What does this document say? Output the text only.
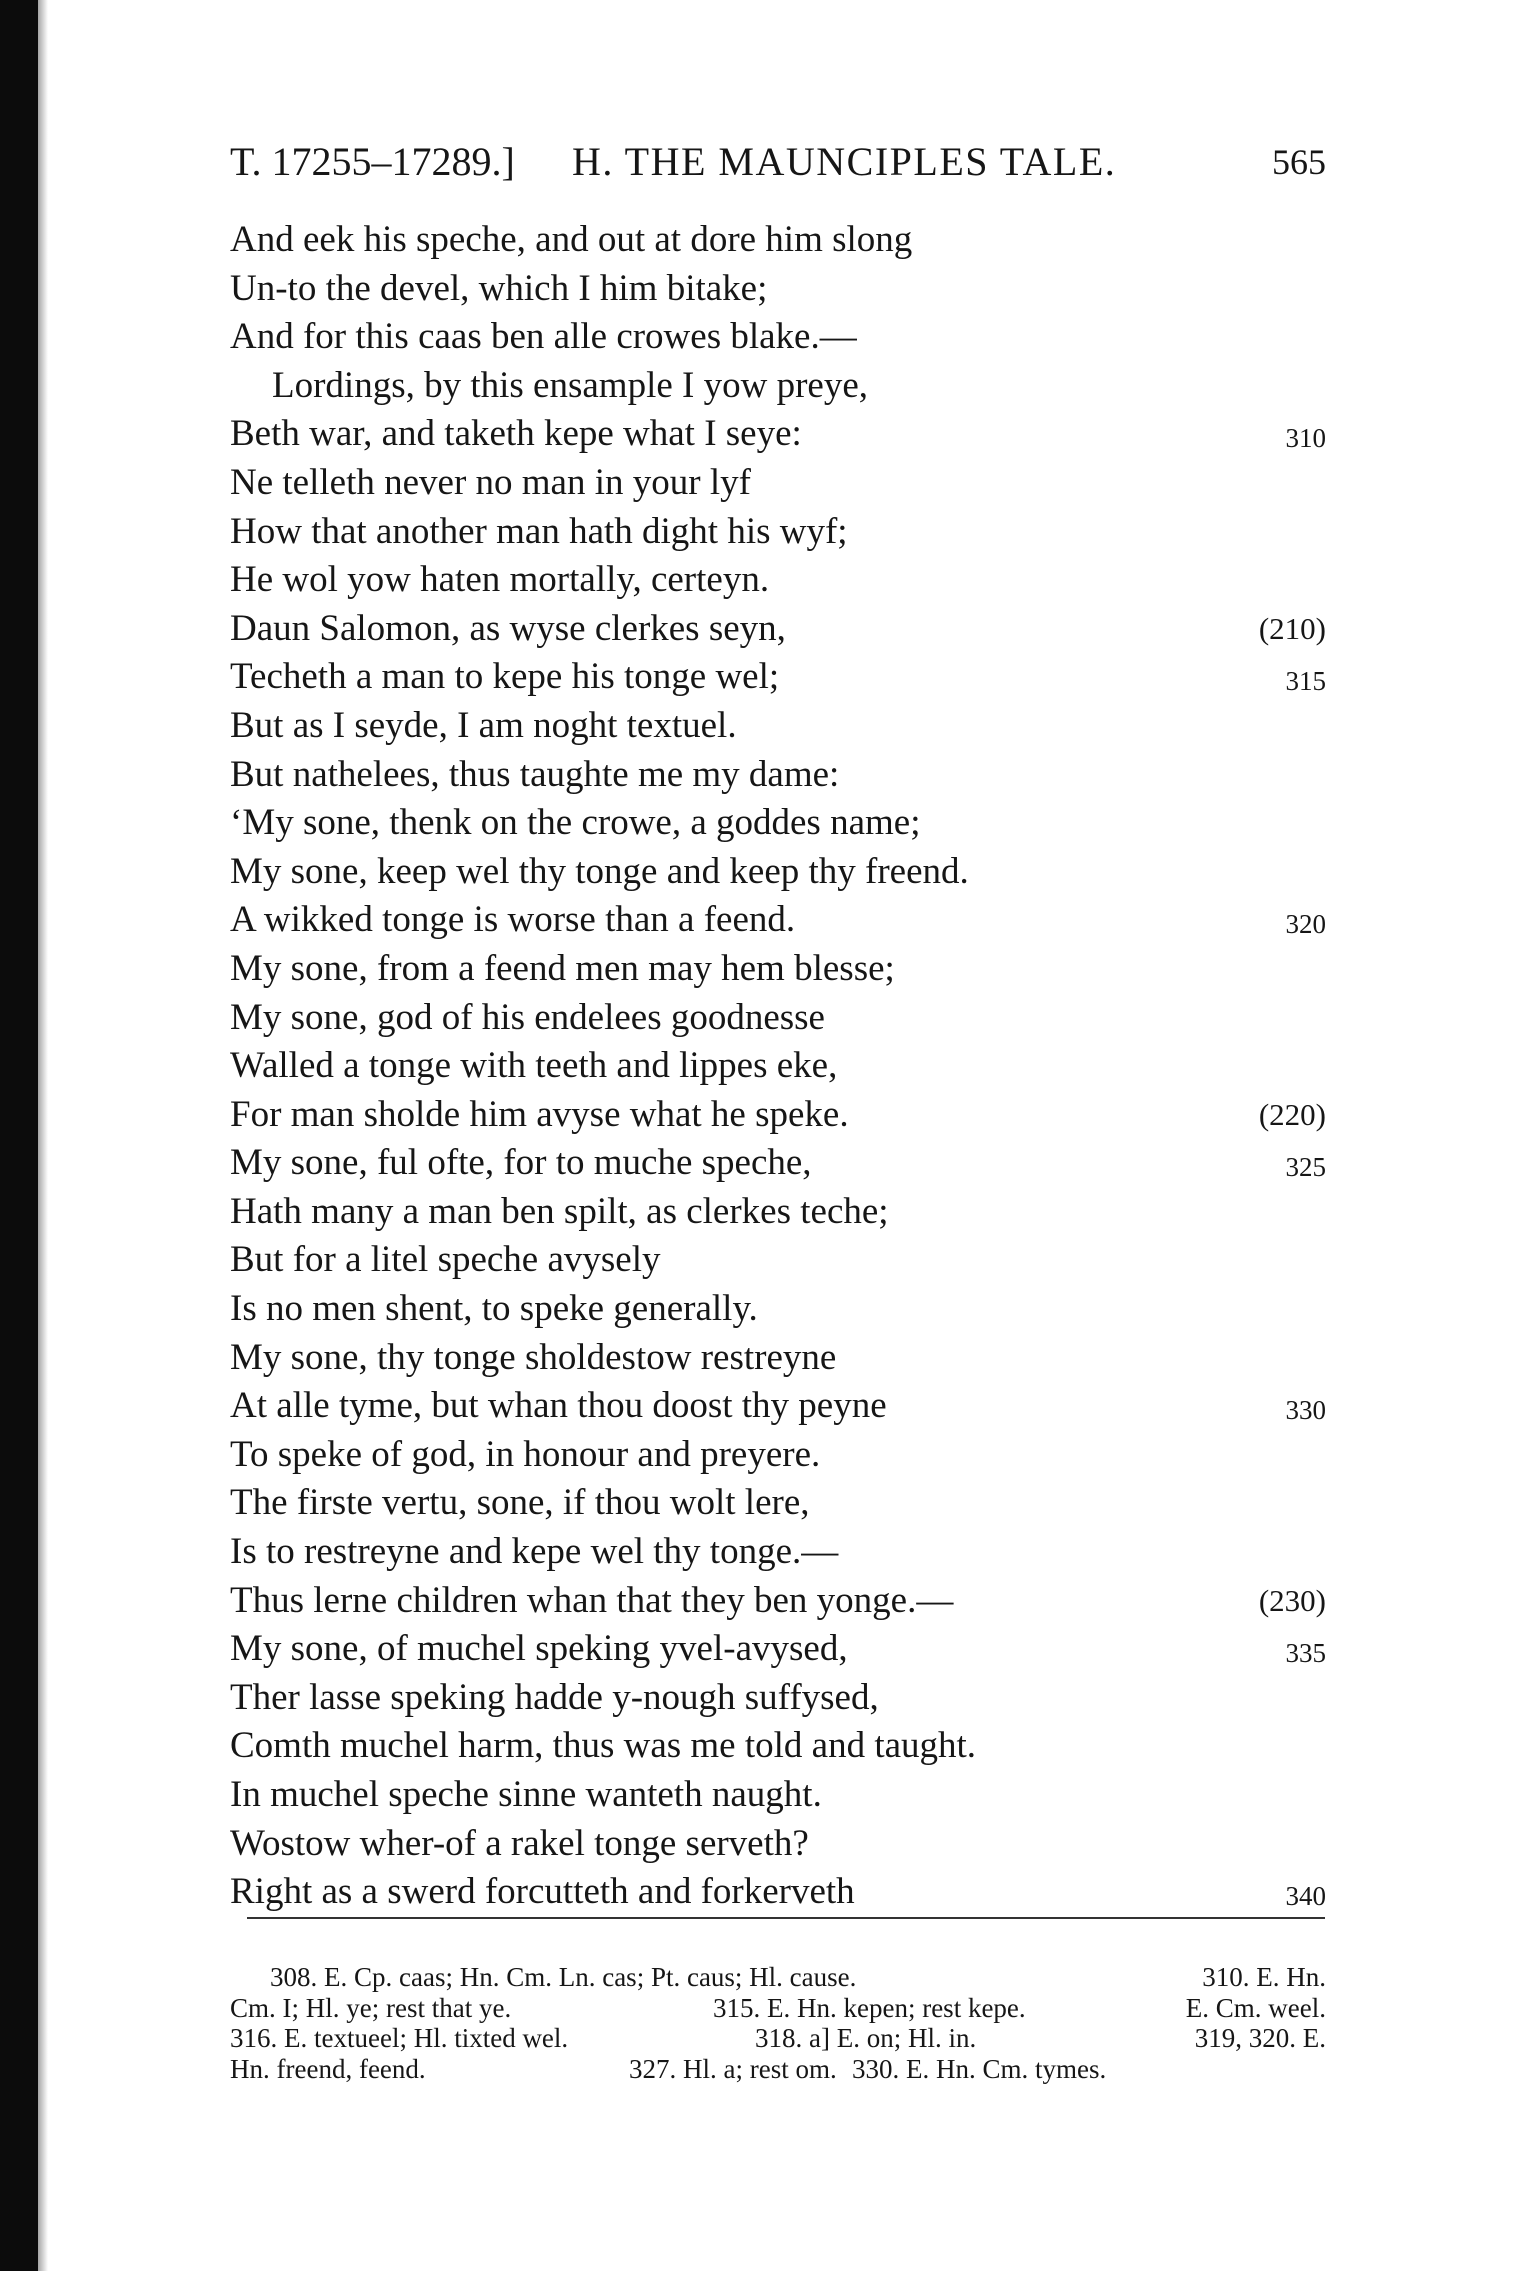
T. 17255–17289.] H. THE MAUNCIPLES TALE.	565
And eek his speche, and out at dore him slong
Un-to the devel, which I him bitake;
And for this caas ben alle crowes blake.—
Lordings, by this ensample I yow preye,
Beth war, and taketh kepe what I seye:	310
Ne telleth never no man in your lyf
How that another man hath dight his wyf;
He wol yow haten mortally, certeyn.
Daun Salomon, as wyse clerkes seyn,	(210)
Techeth a man to kepe his tonge wel;	315
But as I seyde, I am noght textuel.
But nathelees, thus taughte me my dame:
‘My sone, thenk on the crowe, a goddes name;
My sone, keep wel thy tonge and keep thy freend.
A wikked tonge is worse than a feend.	320
My sone, from a feend men may hem blesse;
My sone, god of his endelees goodnesse
Walled a tonge with teeth and lippes eke,
For man sholde him avyse what he speke.	(220)
My sone, ful ofte, for to muche speche,	325
Hath many a man ben spilt, as clerkes teche;
But for a litel speche avysely
Is no men shent, to speke generally.
My sone, thy tonge sholdestow restreyne
At alle tyme, but whan thou doost thy peyne	330
To speke of god, in honour and preyere.
The firste vertu, sone, if thou wolt lere,
Is to restreyne and kepe wel thy tonge.—
Thus lerne children whan that they ben yonge.—	(230)
My sone, of muchel speking yvel-avysed,	335
Ther lasse speking hadde y-nough suffysed,
Comth muchel harm, thus was me told and taught.
In muchel speche sinne wanteth naught.
Wostow wher-of a rakel tonge serveth?
Right as a swerd forcutteth and forkerveth	340
308. E. Cp. caas; Hn. Cm. Ln. cas; Pt. caus; Hl. cause.	310. E. Hn.
Cm. I; Hl. ye; rest that ye.	315. E. Hn. kepen; rest kepe.	E. Cm. weel.
316. E. textueel; Hl. tixted wel.	318. a] E. on; Hl. in.	319, 320. E.
Hn. freend, feend.	327. Hl. a; rest om. 330. E. Hn. Cm. tymes.
